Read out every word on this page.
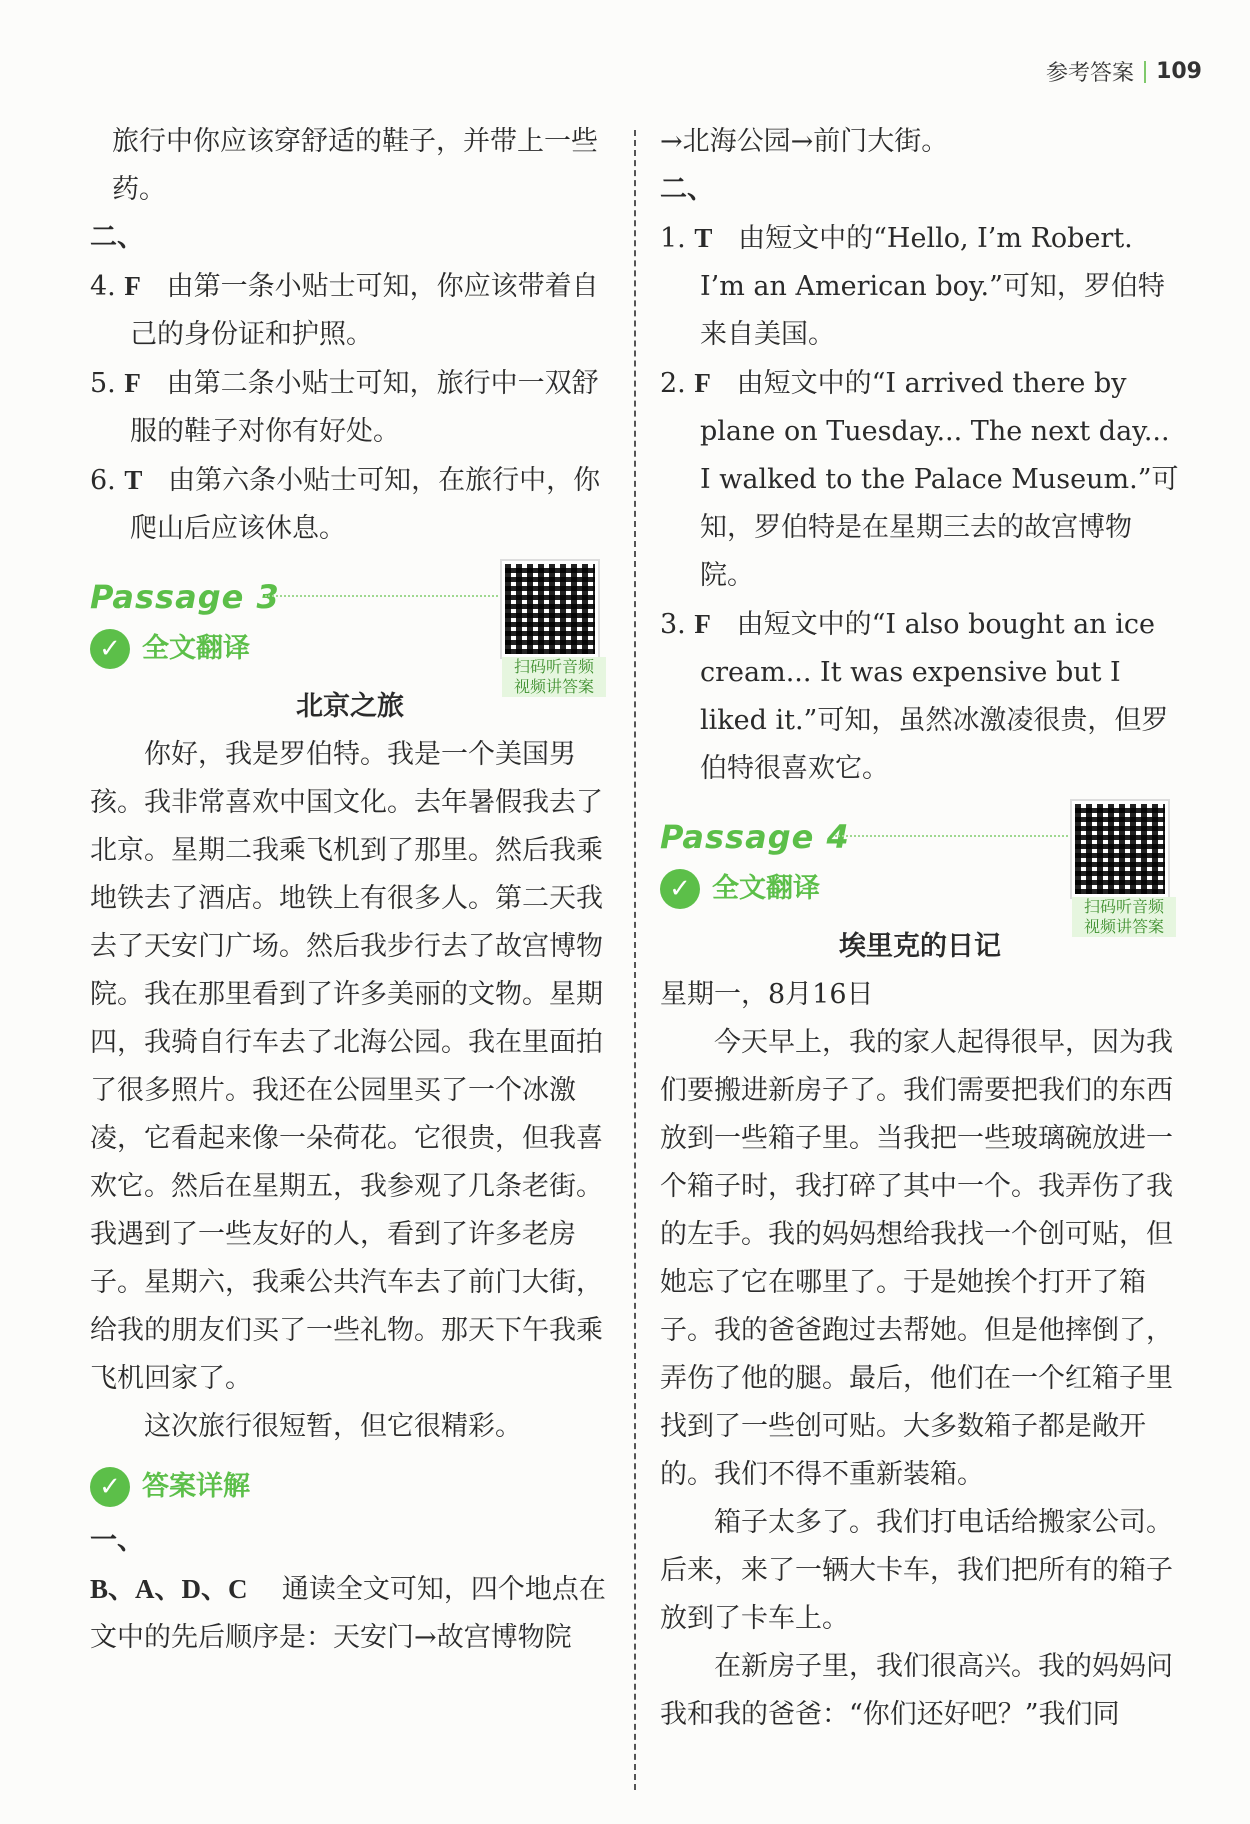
参考答案 109

旅行中你应该穿舒适的鞋子，并带上一些药。

二、

4. F 由第一条小贴士可知，你应该带着自己的身份证和护照。

5. F 由第二条小贴士可知，旅行中一双舒服的鞋子对你有好处。

6. T 由第六条小贴士可知，在旅行中，你爬山后应该休息。

Passage 3
扫码听音频
视频讲答案
✓ 全文翻译

北京之旅

你好，我是罗伯特。我是一个美国男孩。我非常喜欢中国文化。去年暑假我去了北京。星期二我乘飞机到了那里。然后我乘地铁去了酒店。地铁上有很多人。第二天我去了天安门广场。然后我步行去了故宫博物院。我在那里看到了许多美丽的文物。星期四，我骑自行车去了北海公园。我在里面拍了很多照片。我还在公园里买了一个冰激凌，它看起来像一朵荷花。它很贵，但我喜欢它。然后在星期五，我参观了几条老街。我遇到了一些友好的人，看到了许多老房子。星期六，我乘公共汽车去了前门大街，给我的朋友们买了一些礼物。那天下午我乘飞机回家了。

这次旅行很短暂，但它很精彩。

✓ 答案详解

一、

B、A、D、C 通读全文可知，四个地点在文中的先后顺序是：天安门→故宫博物院

→北海公园→前门大街。

二、

1. T 由短文中的“Hello, I’m Robert. I’m an American boy.”可知，罗伯特来自美国。

2. F 由短文中的“I arrived there by plane on Tuesday... The next day... I walked to the Palace Museum.”可知，罗伯特是在星期三去的故宫博物院。

3. F 由短文中的“I also bought an ice cream... It was expensive but I liked it.”可知，虽然冰激凌很贵，但罗伯特很喜欢它。

Passage 4
扫码听音频
视频讲答案
✓ 全文翻译

埃里克的日记

星期一，8月16日

今天早上，我的家人起得很早，因为我们要搬进新房子了。我们需要把我们的东西放到一些箱子里。当我把一些玻璃碗放进一个箱子时，我打碎了其中一个。我弄伤了我的左手。我的妈妈想给我找一个创可贴，但她忘了它在哪里了。于是她挨个打开了箱子。我的爸爸跑过去帮她。但是他摔倒了，弄伤了他的腿。最后，他们在一个红箱子里找到了一些创可贴。大多数箱子都是敞开的。我们不得不重新装箱。

箱子太多了。我们打电话给搬家公司。后来，来了一辆大卡车，我们把所有的箱子放到了卡车上。

在新房子里，我们很高兴。我的妈妈问我和我的爸爸：“你们还好吧？”我们同
